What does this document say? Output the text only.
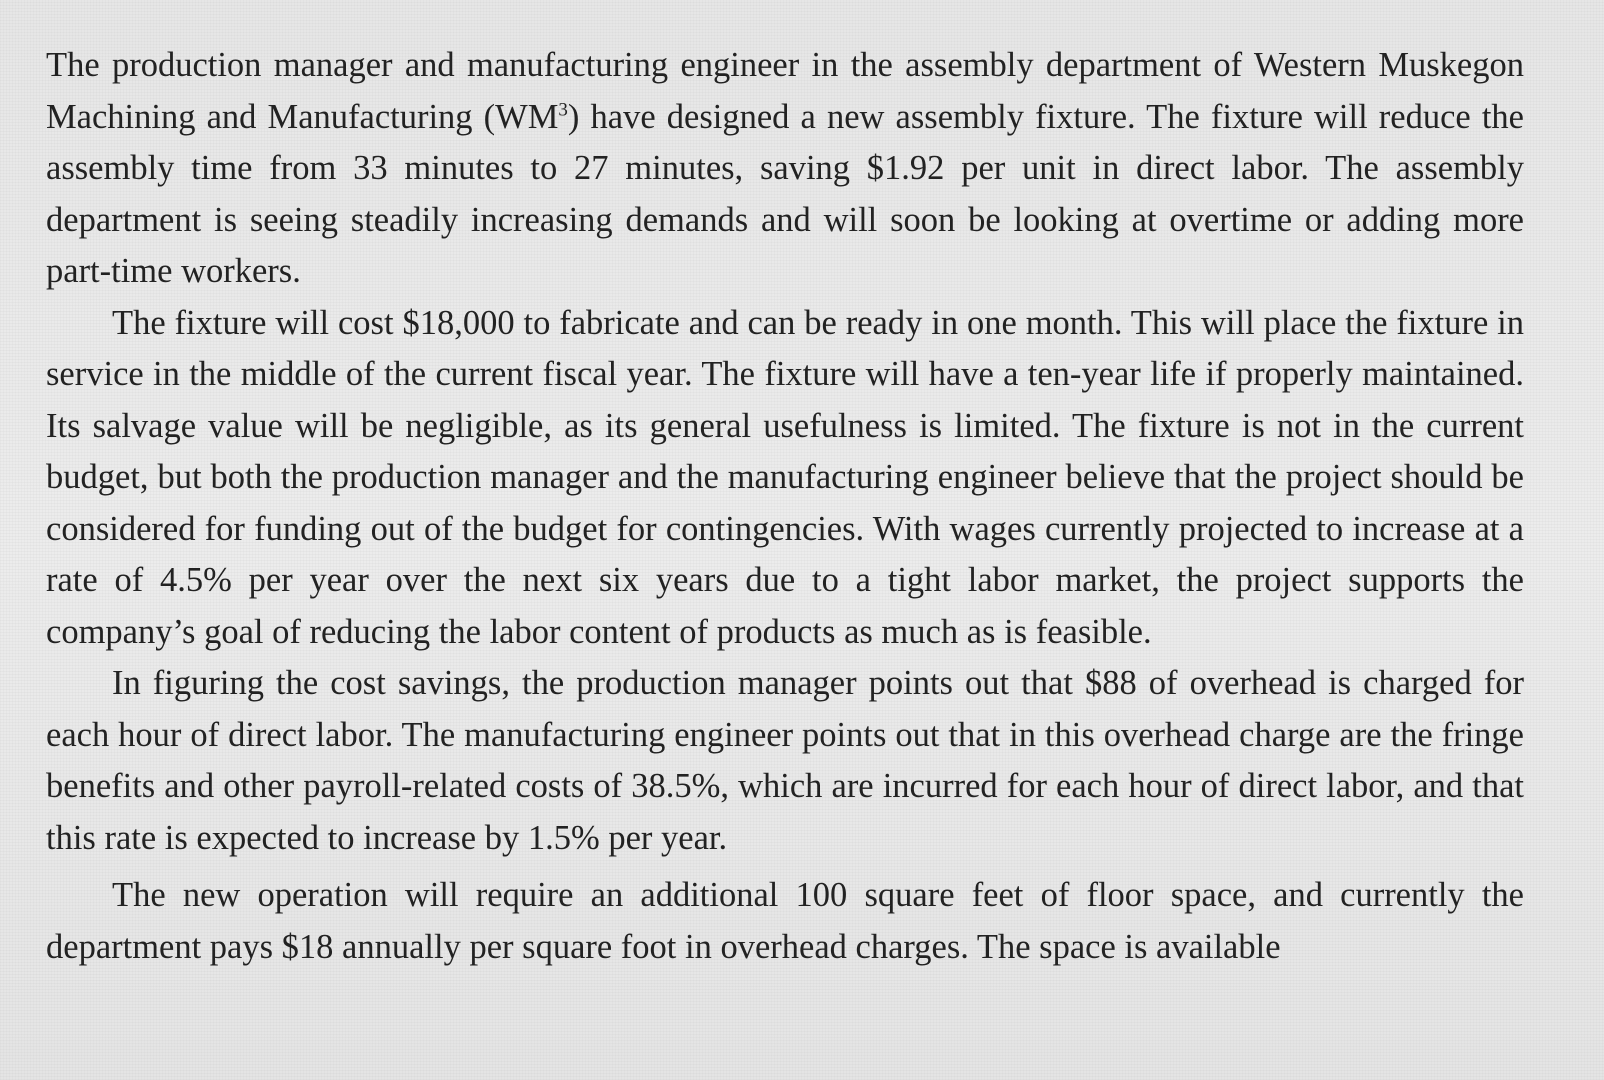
The production manager and manufacturing engineer in the assembly department of Western Muskegon Machining and Manufacturing $(WM^3)$ have designed a new assembly fixture. The fixture will reduce the assembly time from 33 minutes to 27 minutes, saving $1.92 per unit in direct labor. The assembly department is seeing steadily increasing demands and will soon be looking at overtime or adding more part-time workers.

The fixture will cost $18,000 to fabricate and can be ready in one month. This will place the fixture in service in the middle of the current fiscal year. The fixture will have a ten-year life if properly maintained. Its salvage value will be negligible, as its general usefulness is limited. The fixture is not in the current budget, but both the production manager and the manufacturing engineer believe that the project should be considered for funding out of the budget for contingencies. With wages currently projected to increase at a rate of 4.5% per year over the next six years due to a tight labor market, the project supports the company’s goal of reducing the labor content of products as much as is feasible.

In figuring the cost savings, the production manager points out that $88 of overhead is charged for each hour of direct labor. The manufacturing engineer points out that in this overhead charge are the fringe benefits and other payroll-related costs of 38.5%, which are incurred for each hour of direct labor, and that this rate is expected to increase by 1.5% per year.

The new operation will require an additional 100 square feet of floor space, and currently the department pays $18 annually per square foot in overhead charges. The space is available
